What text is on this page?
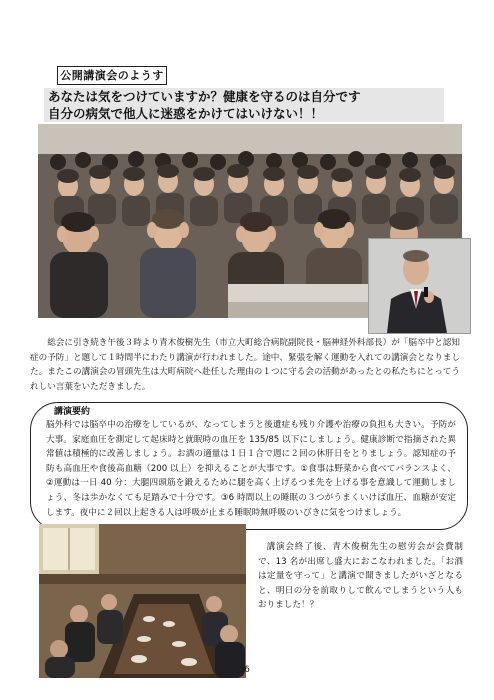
公開講演会のようす
あなたは気をつけていますか？健康を守るのは自分です
自分の病気で他人に迷惑をかけてはいけない！！
総会に引き続き午後３時より青木俊樹先生（市立大町総合病院副院長・脳神経外科部長）が「脳卒中と認知症の予防」と題して１時間半にわたり講演が行われました。途中、緊張を解く運動を入れての講演会となりました。またこの講演会の冒頭先生は大町病院へ赴任した理由の１つに守る会の活動があったとの私たちにとってうれしい言葉をいただきました。
講演要約
脳外科では脳卒中の治療をしているが、なってしまうと後遺症も残り介護や治療の負担も大きい。予防が大事。家庭血圧を測定して起床時と就眠時の血圧を 135/85 以下にしましょう。健康診断で指摘された異常値は積極的に改善しましょう。お酒の適量は１日１合で週に２回の休肝日をとりましょう。認知症の予防も高血圧や食後高血糖（200 以上）を抑えることが大事です。①食事は野菜から食べてバランスよく、②運動は一日 40 分：大腿四頭筋を鍛えるために腿を高く上げるつま先を上げる事を意識して運動しましょう、冬は歩かなくても足踏みで十分です。③6 時間以上の睡眠の３つがうまくいけば血圧、血糖が安定します。夜中に２回以上起きる人は呼吸が止まる睡眠時無呼吸のいびきに気をつけましょう。
講演会終了後、青木俊樹先生の慰労会が会費制で、13 名が出席し盛大におこなわれました。「お酒は定量を守って」と講演で聞きましたがいざとなると、明日の分を前取りして飲んでしまうという人もおりました！？
6
